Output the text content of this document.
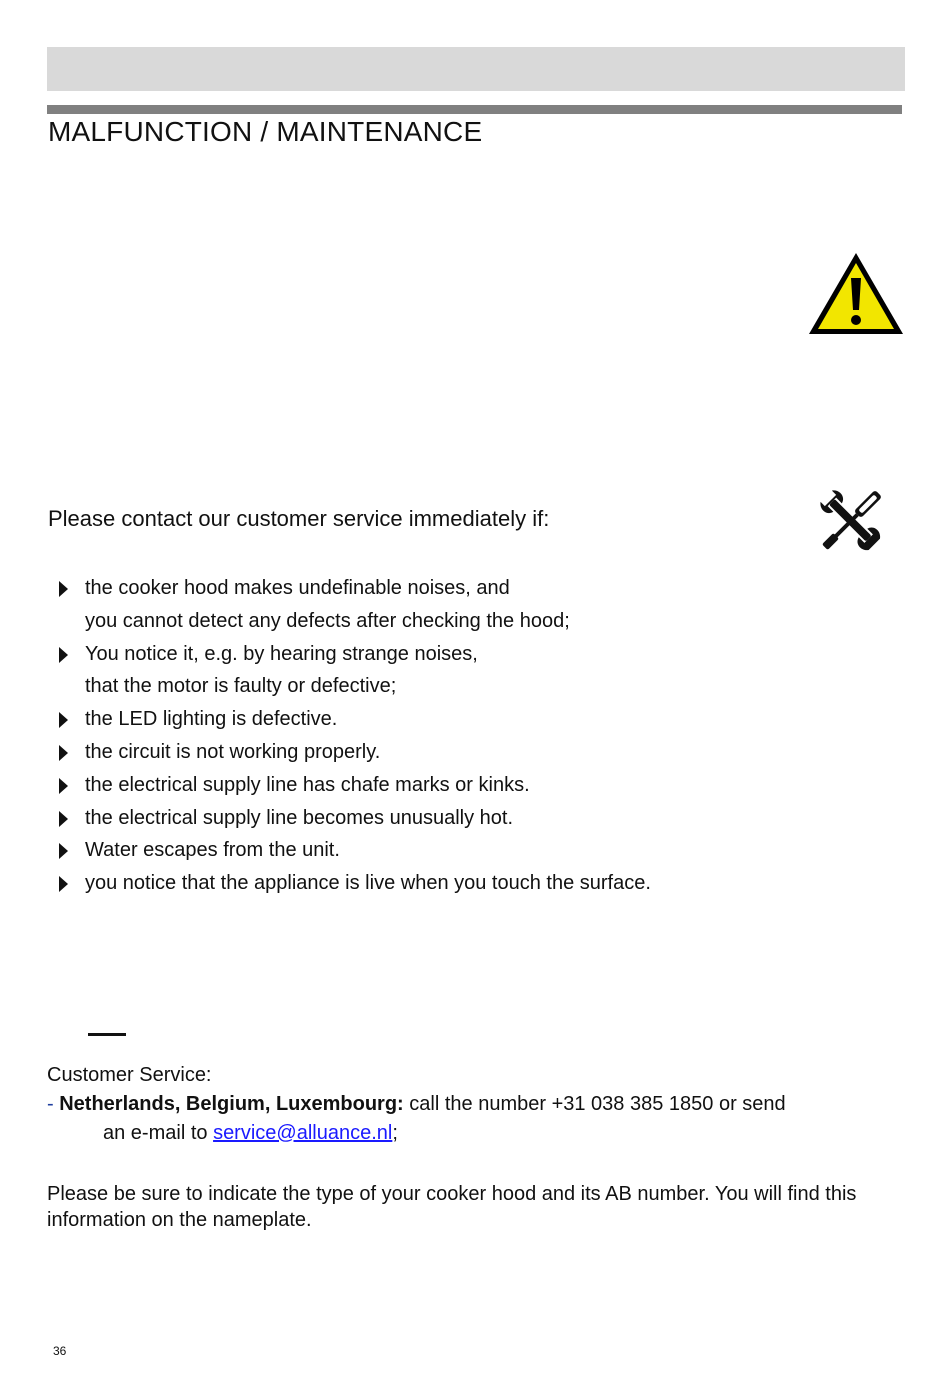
MALFUNCTION / MAINTENANCE
Please contact our customer service immediately if:
the cooker hood makes undefinable noises, and
you cannot detect any defects after checking the hood;
You notice it, e.g. by hearing strange noises,
that the motor is faulty or defective;
the LED lighting is defective.
the circuit is not working properly.
the electrical supply line has chafe marks or kinks.
the electrical supply line becomes unusually hot.
Water escapes from the unit.
you notice that the appliance is live when you touch the surface.
Customer Service:
- Netherlands, Belgium, Luxembourg: call the number +31 038 385 1850 or send
an e-mail to service@alluance.nl;
Please be sure to indicate the type of your cooker hood and its AB number. You will find this information on the nameplate.
36
